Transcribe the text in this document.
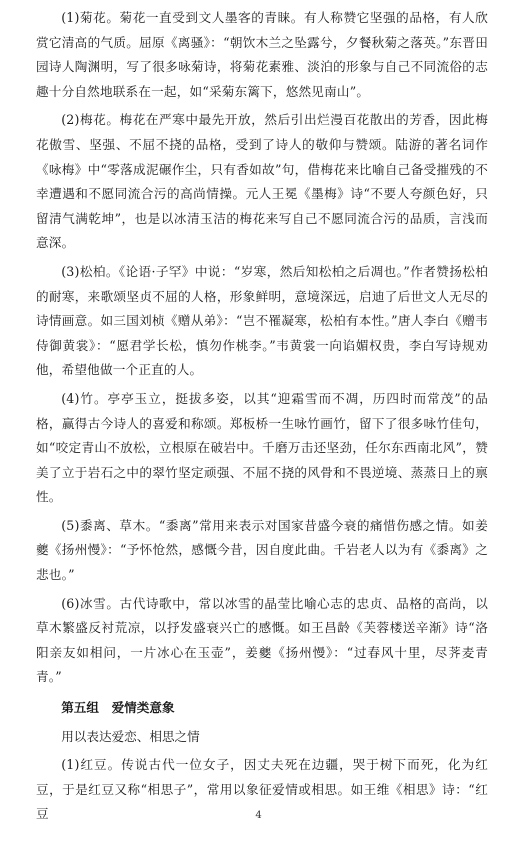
(1)菊花。菊花一直受到文人墨客的青睐。有人称赞它坚强的品格，有人欣赏它清高的气质。屈原《离骚》：“朝饮木兰之坠露兮，夕餐秋菊之落英。”东晋田园诗人陶渊明，写了很多咏菊诗，将菊花素雅、淡泊的形象与自己不同流俗的志趣十分自然地联系在一起，如“采菊东篱下，悠然见南山”。

(2)梅花。梅花在严寒中最先开放，然后引出烂漫百花散出的芳香，因此梅花傲雪、坚强、不屈不挠的品格，受到了诗人的敬仰与赞颂。陆游的著名词作《咏梅》中“零落成泥碾作尘，只有香如故”句，借梅花来比喻自己备受摧残的不幸遭遇和不愿同流合污的高尚情操。元人王冕《墨梅》诗“不要人夸颜色好，只留清气满乾坤”，也是以冰清玉洁的梅花来写自己不愿同流合污的品质，言浅而意深。

(3)松柏。《论语·子罕》中说：“岁寒，然后知松柏之后凋也。”作者赞扬松柏的耐寒，来歌颂坚贞不屈的人格，形象鲜明，意境深远，启迪了后世文人无尽的诗情画意。如三国刘桢《赠从弟》：“岂不罹凝寒，松柏有本性。”唐人李白《赠韦侍御黄裳》：“愿君学长松，慎勿作桃李。”韦黄裳一向谄媚权贵，李白写诗规劝他，希望他做一个正直的人。

(4)竹。亭亭玉立，挺拔多姿，以其“迎霜雪而不凋，历四时而常茂”的品格，赢得古今诗人的喜爱和称颂。郑板桥一生咏竹画竹，留下了很多咏竹佳句，如“咬定青山不放松，立根原在破岩中。千磨万击还坚劲，任尔东西南北风”，赞美了立于岩石之中的翠竹坚定顽强、不屈不挠的风骨和不畏逆境、蒸蒸日上的禀性。

(5)黍离、草木。“黍离”常用来表示对国家昔盛今衰的痛惜伤感之情。如姜夔《扬州慢》：“予怀怆然，感慨今昔，因自度此曲。千岩老人以为有《黍离》之悲也。”

(6)冰雪。古代诗歌中，常以冰雪的晶莹比喻心志的忠贞、品格的高尚，以草木繁盛反衬荒凉，以抒发盛衰兴亡的感慨。如王昌龄《芙蓉楼送辛渐》诗“洛阳亲友如相问，一片冰心在玉壶”，姜夔《扬州慢》：“过春风十里，尽荠麦青青。”

第五组　爱情类意象
用以表达爱恋、相思之情

(1)红豆。传说古代一位女子，因丈夫死在边疆，哭于树下而死，化为红豆，于是红豆又称“相思子”，常用以象征爱情或相思。如王维《相思》诗：“红豆	4
